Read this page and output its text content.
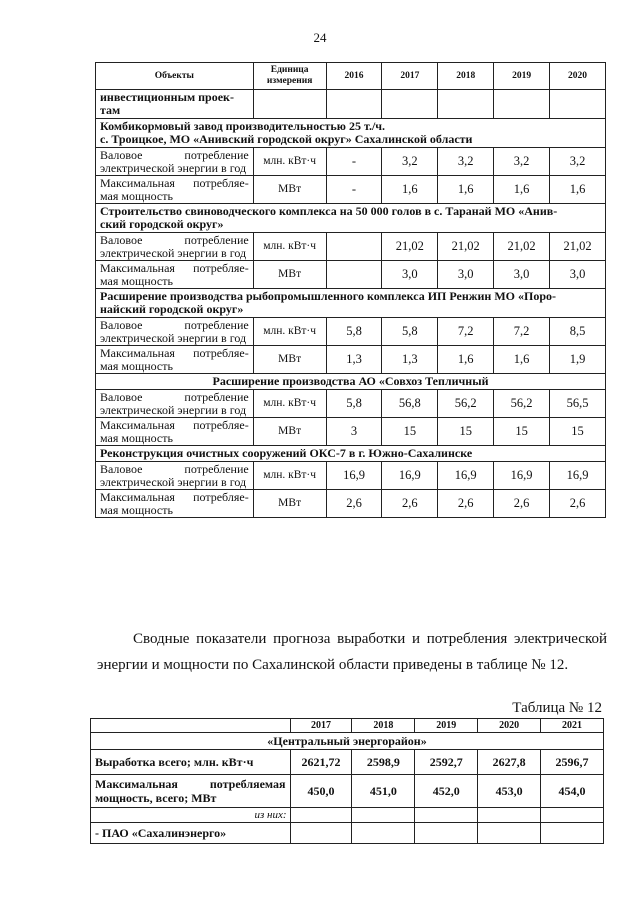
24
Объекты	Единица измерения	2016	2017	2018	2019	2020
инвестиционным проек-
там						
Комбикормовый завод производительностью 25 т./ч.
с. Троицкое, МО «Анивский городской округ» Сахалинской области						
Валовое потребление электрической энергии в год	млн. кВт·ч	-	3,2	3,2	3,2	3,2
Максимальная потребляе-мая мощность	МВт	-	1,6	1,6	1,6	1,6
Строительство свиноводческого комплекса на 50 000 голов в с. Таранай МО «Анив-
ский городской округ»						
Валовое потребление электрической энергии в год	млн. кВт·ч		21,02	21,02	21,02	21,02
Максимальная потребляе-мая мощность	МВт		3,0	3,0	3,0	3,0
Расширение производства рыбопромышленного комплекса ИП Ренжин МО «Поро-
найский городской округ»						
Валовое потребление электрической энергии в год	млн. кВт·ч	5,8	5,8	7,2	7,2	8,5
Максимальная потребляе-мая мощность	МВт	1,3	1,3	1,6	1,6	1,9
Расширение производства АО «Совхоз Тепличный						
Валовое потребление электрической энергии в год	млн. кВт·ч	5,8	56,8	56,2	56,2	56,5
Максимальная потребляе-мая мощность	МВт	3	15	15	15	15
Реконструкция очистных сооружений ОКС-7 в г. Южно-Сахалинске						
Валовое потребление электрической энергии в год	млн. кВт·ч	16,9	16,9	16,9	16,9	16,9
Максимальная потребляе-мая мощность	МВт	2,6	2,6	2,6	2,6	2,6
Сводные показатели прогноза выработки и потребления электрической энергии и мощности по Сахалинской области приведены в таблице № 12.
Таблица № 12
	2017	2018	2019	2020	2021
«Центральный энергорайон»					
Выработка всего; млн. кВт·ч	2621,72	2598,9	2592,7	2627,8	2596,7
Максимальная потребляемая мощность, всего; МВт	450,0	451,0	452,0	453,0	454,0
из них:					
- ПАО «Сахалинэнерго»					
